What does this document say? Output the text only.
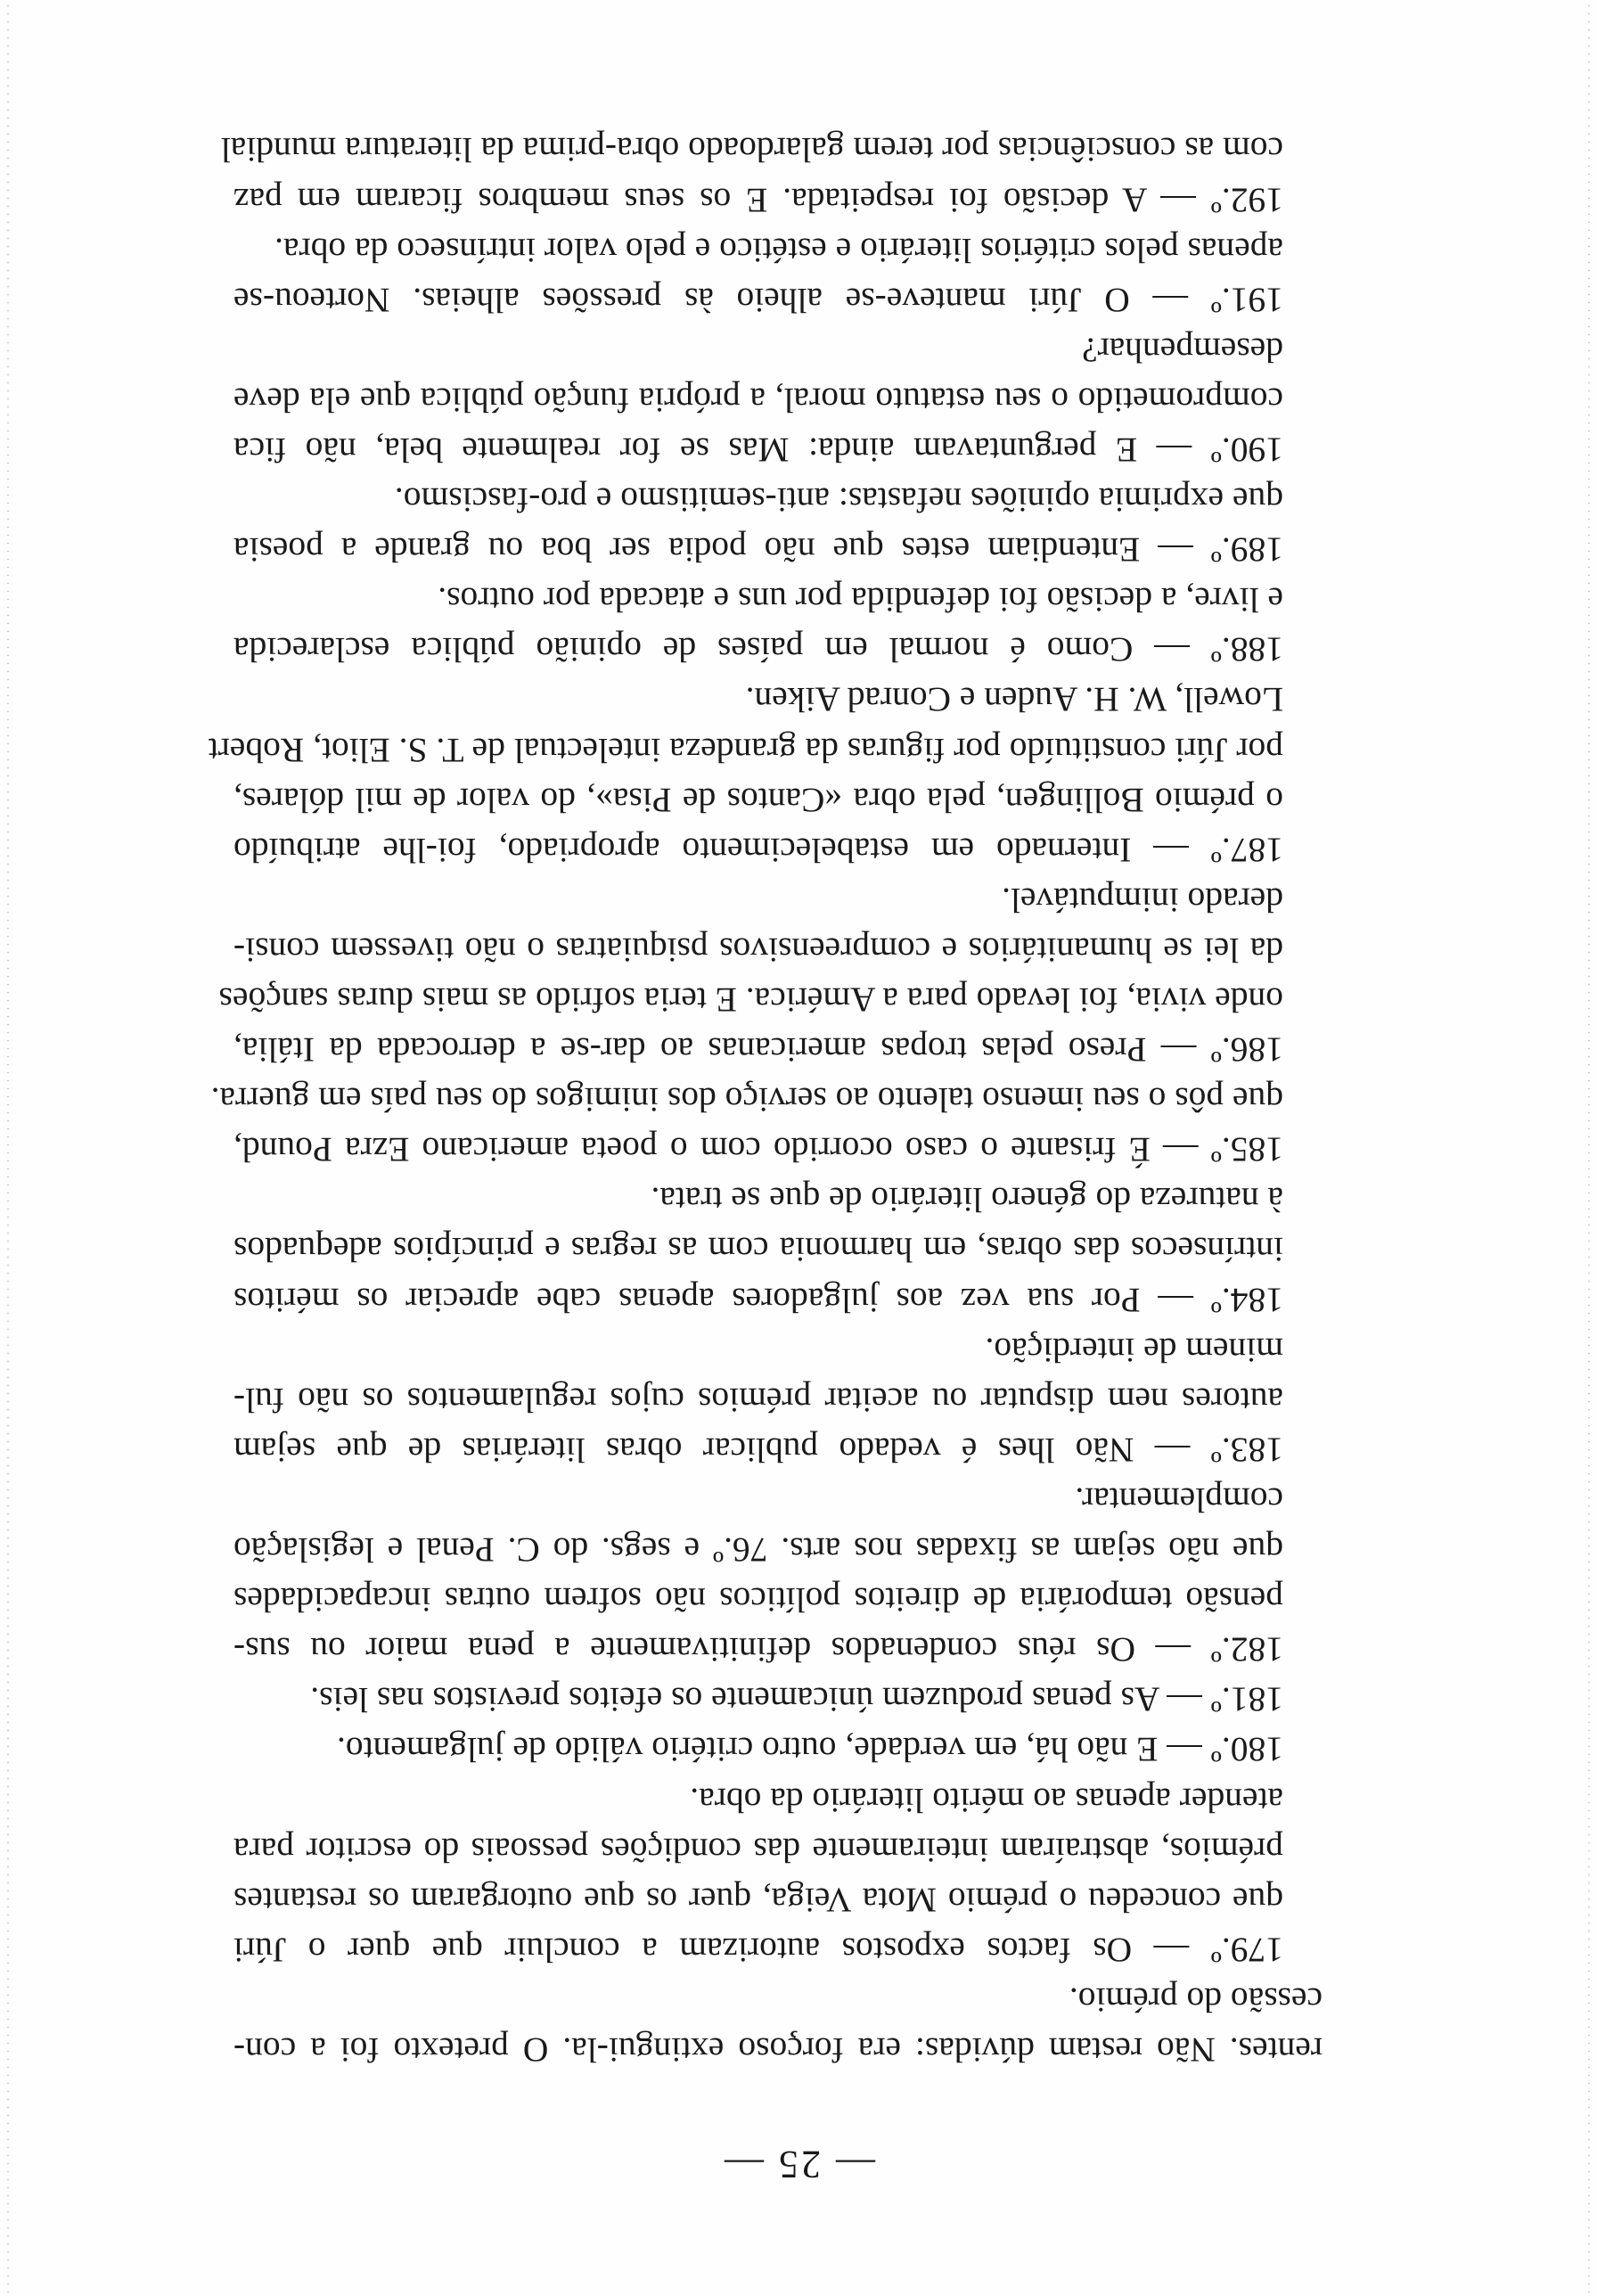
— 25 —

rentes. Não restam dúvidas: era forçoso extingui-la. O pretexto foi a con-
cessão do prémio.

179.º — Os factos expostos autorizam a concluir que quer o Júri
que concedeu o prémio Mota Veiga, quer os que outorgaram os restantes
prémios, abstraíram inteiramente das condições pessoais do escritor para
atender apenas ao mérito literário da obra.

180.º — E não há, em verdade, outro critério válido de julgamento.

181.º — As penas produzem únicamente os efeitos previstos nas leis.

182.º — Os réus condenados definitivamente a pena maior ou sus-
pensão temporária de direitos políticos não sofrem outras incapacidades
que não sejam as fixadas nos arts. 76.º e segs. do C. Penal e legislação
complementar.

183.º — Não lhes é vedado publicar obras literárias de que sejam
autores nem disputar ou aceitar prémios cujos regulamentos os não ful-
minem de interdição.

184.º — Por sua vez aos julgadores apenas cabe apreciar os méritos
intrínsecos das obras, em harmonia com as regras e princípios adequados
à natureza do género literário de que se trata.

185.º — É frisante o caso ocorrido com o poeta americano Ezra Pound,
que pôs o seu imenso talento ao serviço dos inimigos do seu país em guerra.

186.º — Preso pelas tropas americanas ao dar-se a derrocada da Itália,
onde vivia, foi levado para a América. E teria sofrido as mais duras sanções
da lei se humanitários e compreensivos psiquiatras o não tivessem consi-
derado inimputável.

187.º — Internado em estabelecimento apropriado, foi-lhe atribuído
o prémio Bollingen, pela obra «Cantos de Pisa», do valor de mil dólares,
por Júri constituído por figuras da grandeza intelectual de T. S. Eliot, Robert
Lowell, W. H. Auden e Conrad Aiken.

188.º — Como é normal em países de opinião pública esclarecida
e livre, a decisão foi defendida por uns e atacada por outros.

189.º — Entendiam estes que não podia ser boa ou grande a poesia
que exprimia opiniões nefastas: anti-semitismo e pro-fascismo.

190.º — E perguntavam ainda: Mas se for realmente bela, não fica
comprometido o seu estatuto moral, a própria função pública que ela deve
desempenhar?

191.º — O Júri manteve-se alheio às pressões alheias. Norteou-se
apenas pelos critérios literário e estético e pelo valor intrínseco da obra.

192.º — A decisão foi respeitada. E os seus membros ficaram em paz
com as consciências por terem galardoado obra-prima da literatura mundial
